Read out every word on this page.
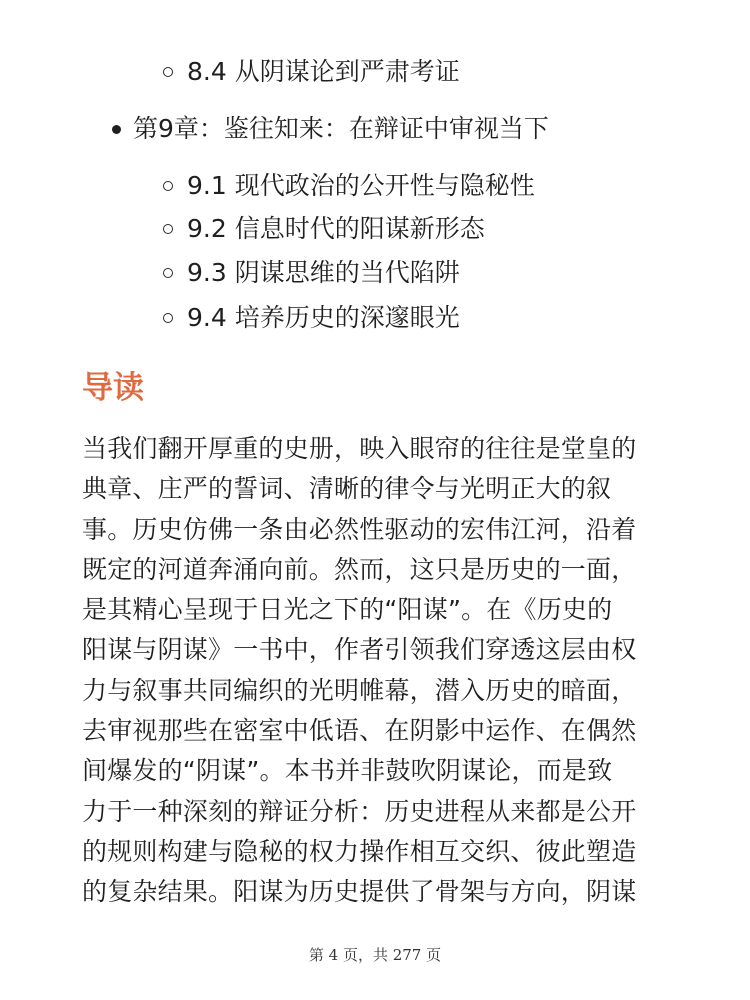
8.4 从阴谋论到严肃考证
第9章：鉴往知来：在辩证中审视当下
9.1 现代政治的公开性与隐秘性
9.2 信息时代的阳谋新形态
9.3 阴谋思维的当代陷阱
9.4 培养历史的深邃眼光
导读
当我们翻开厚重的史册，映入眼帘的往往是堂皇的
典章、庄严的誓词、清晰的律令与光明正大的叙
事。历史仿佛一条由必然性驱动的宏伟江河，沿着
既定的河道奔涌向前。然而，这只是历史的一面，
是其精心呈现于日光之下的“阳谋”。在《历史的
阳谋与阴谋》一书中，作者引领我们穿透这层由权
力与叙事共同编织的光明帷幕，潜入历史的暗面，
去审视那些在密室中低语、在阴影中运作、在偶然
间爆发的“阴谋”。本书并非鼓吹阴谋论，而是致
力于一种深刻的辩证分析：历史进程从来都是公开
的规则构建与隐秘的权力操作相互交织、彼此塑造
的复杂结果。阳谋为历史提供了骨架与方向，阴谋
第 4 页，共 277 页
